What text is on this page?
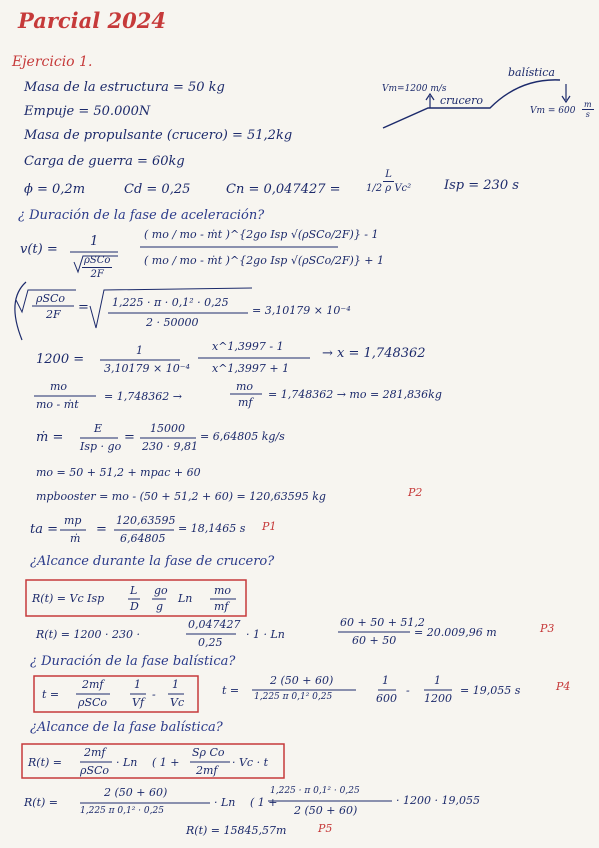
Parcial 2024
Ejercicio 1.
Masa de la estructura = 50 kg
Empuje = 50.000N
Masa de propulsante (crucero) = 51,2kg
Carga de guerra = 60kg
ϕ = 0,2m	Cd = 0,25	$Cn = 0,047427 = \frac{L}{\text{1/2 ρ Vc²}}$ Isp = 230 s
Vm=1200 m/s
crucero
balística
$Vm = 600 \frac{m}{s}$
¿ Duración de la fase de aceleración?
v(t) =
1
ρSCo
2F
( mo / mo - ṁt )^{2go Isp √(ρSCo/2F)} - 1
( mo / mo - ṁt )^{2go Isp √(ρSCo/2F)} + 1
ρSCo
2F = 1,225 · π · 0,1² · 0,25
2 · 50000
= 3,10179 × 10⁻⁴
1200 =
1
3,10179 × 10⁻⁴
x^1,3997 - 1
x^1,3997 + 1
→ x = 1,748362
mo
mo - ṁt
= 1,748362 →
mo
mf
= 1,748362 → mo = 281,836kg
ṁ =
E
Isp · go
=
15000
230 · 9,81
= 6,64805 kg/s
mo = 50 + 51,2 + mpac + 60
mpbooster = mo - (50 + 51,2 + 60) = 120,63595 kg	P2
ta =
mp
ṁ
=
120,63595
6,64805
= 18,1465 s P1
¿Alcance durante la fase de crucero?
R(t) = Vc Isp
L
D
go
g
Ln
mo
mf
R(t) = 1200 · 230 ·
0,047427
0,25
· 1 · Ln
60 + 50 + 51,2
60 + 50
= 20.009,96 m	P3
¿ Duración de la fase balística?
t =
2mf
ρSCo
1
Vf
-
1
Vc
t =
2 (50 + 60)
1,225 π 0,1² 0,25
1
600
-
1
1200
= 19,055 s	P4
¿Alcance de la fase balística?
R(t) =
2mf
ρSCo
· Ln ( 1 +
Sρ Co
2mf
· Vc · t
R(t) =
2 (50 + 60)
1,225 π 0,1² · 0,25
· Ln ( 1 +
1,225 · π 0,1² · 0,25
2 (50 + 60)
· 1200 · 19,055
R(t) = 15845,57m	P5
